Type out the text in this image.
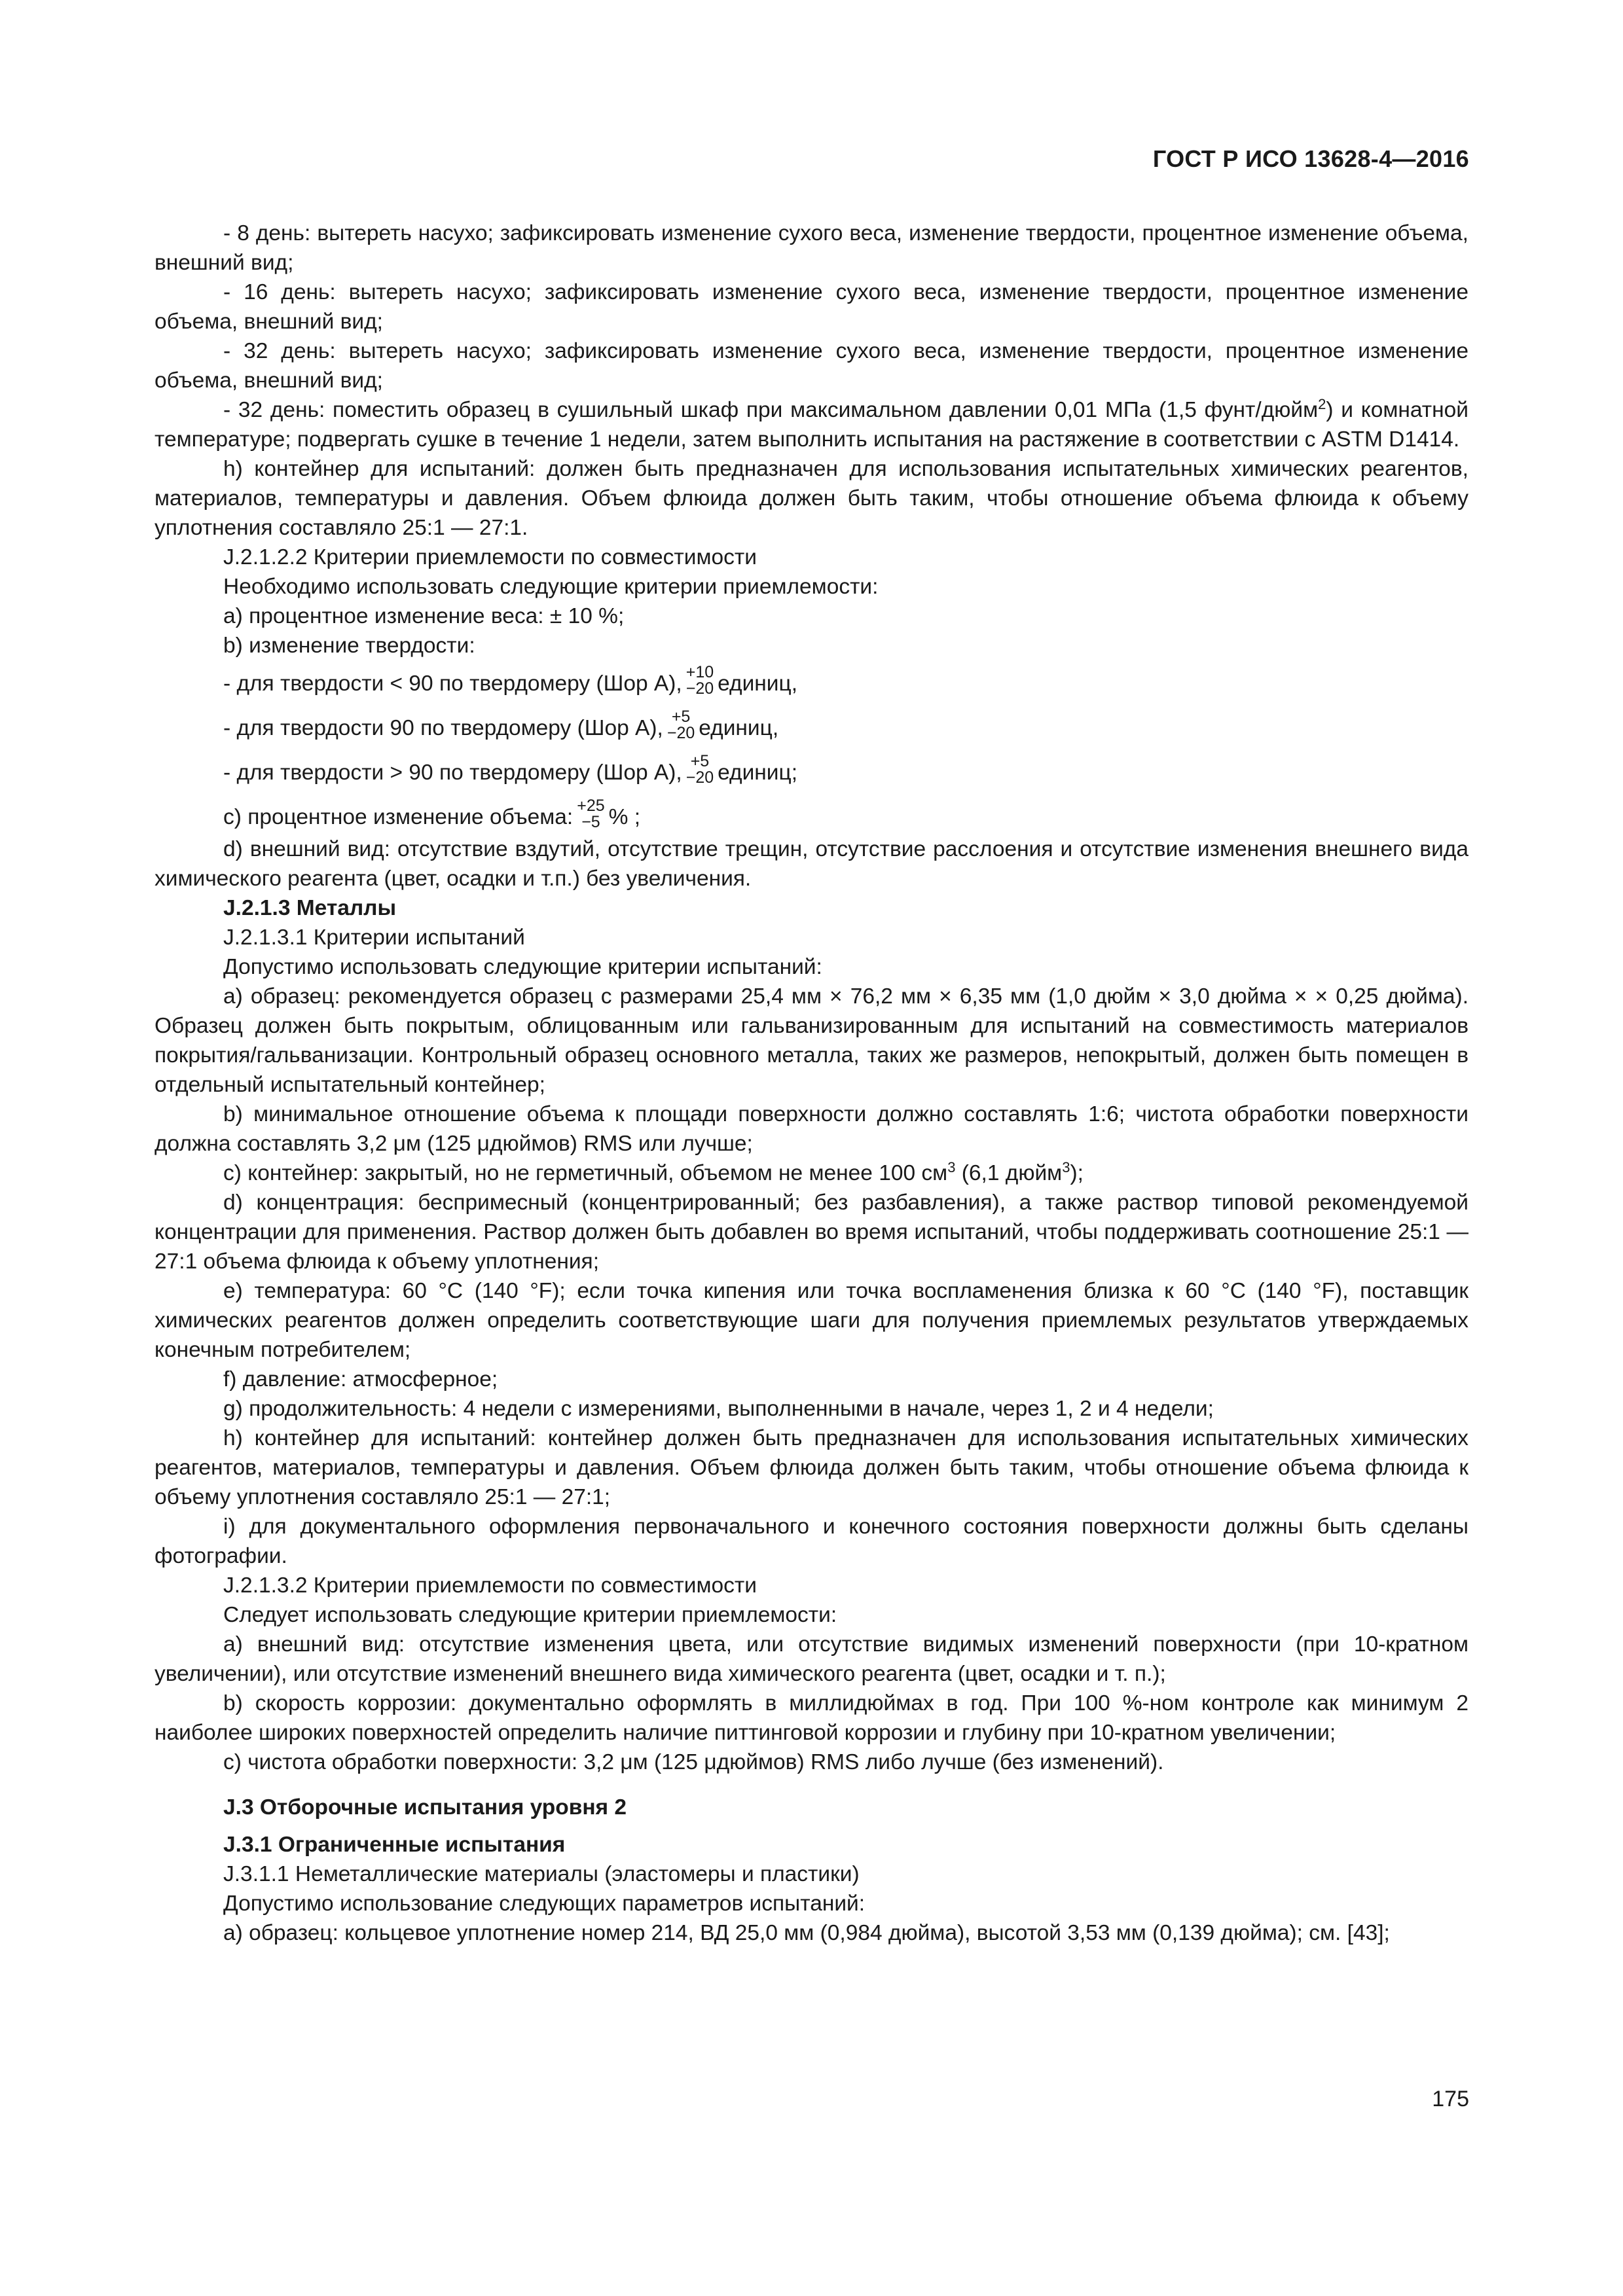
ГОСТ Р ИСО 13628-4—2016

- 8 день: вытереть насухо; зафиксировать изменение сухого веса, изменение твердости, процентное изменение объема, внешний вид;

- 16 день: вытереть насухо; зафиксировать изменение сухого веса, изменение твердости, процентное изменение объема, внешний вид;

- 32 день: вытереть насухо; зафиксировать изменение сухого веса, изменение твердости, процентное изменение объема, внешний вид;

- 32 день: поместить образец в сушильный шкаф при максимальном давлении 0,01 МПа (1,5 фунт/дюйм$^2$) и комнатной температуре; подвергать сушке в течение 1 недели, затем выполнить испытания на растяжение в соответствии с ASTM D1414.

h) контейнер для испытаний: должен быть предназначен для использования испытательных химических реагентов, материалов, температуры и давления. Объем флюида должен быть таким, чтобы отношение объема флюида к объему уплотнения составляло 25:1 — 27:1.

J.2.1.2.2 Критерии приемлемости по совместимости

Необходимо использовать следующие критерии приемлемости:

а) процентное изменение веса: ± 10 %;

b) изменение твердости:

- для твердости < 90 по твердомеру (Шор А), +10
−20 единиц,

- для твердости 90 по твердомеру (Шор А), +5
−20 единиц,

- для твердости > 90 по твердомеру (Шор А), +5
−20 единиц;

с) процентное изменение объема: +25
−5 % ;

d) внешний вид: отсутствие вздутий, отсутствие трещин, отсутствие расслоения и отсутствие изменения внешнего вида химического реагента (цвет, осадки и т.п.) без увеличения.

J.2.1.3 Металлы

J.2.1.3.1 Критерии испытаний

Допустимо использовать следующие критерии испытаний:

а) образец: рекомендуется образец с размерами 25,4 мм × 76,2 мм × 6,35 мм (1,0 дюйм × 3,0 дюйма × × 0,25 дюйма). Образец должен быть покрытым, облицованным или гальванизированным для испытаний на совместимость материалов покрытия/гальванизации. Контрольный образец основного металла, таких же размеров, непокрытый, должен быть помещен в отдельный испытательный контейнер;

b) минимальное отношение объема к площади поверхности должно составлять 1:6; чистота обработки поверхности должна составлять 3,2 μм (125 μдюймов) RMS или лучше;

с) контейнер: закрытый, но не герметичный, объемом не менее 100 $см^3$ (6,1 дюйм$^3$);

d) концентрация: беспримесный (концентрированный; без разбавления), а также раствор типовой рекомендуемой концентрации для применения. Раствор должен быть добавлен во время испытаний, чтобы поддерживать соотношение 25:1 — 27:1 объема флюида к объему уплотнения;

е) температура: 60 °С (140 °F); если точка кипения или точка воспламенения близка к 60 °С (140 °F), поставщик химических реагентов должен определить соответствующие шаги для получения приемлемых результатов утверждаемых конечным потребителем;

f) давление: атмосферное;

g) продолжительность: 4 недели с измерениями, выполненными в начале, через 1, 2 и 4 недели;

h) контейнер для испытаний: контейнер должен быть предназначен для использования испытательных химических реагентов, материалов, температуры и давления. Объем флюида должен быть таким, чтобы отношение объема флюида к объему уплотнения составляло 25:1 — 27:1;

i) для документального оформления первоначального и конечного состояния поверхности должны быть сделаны фотографии.

J.2.1.3.2 Критерии приемлемости по совместимости

Следует использовать следующие критерии приемлемости:

а) внешний вид: отсутствие изменения цвета, или отсутствие видимых изменений поверхности (при 10-кратном увеличении), или отсутствие изменений внешнего вида химического реагента (цвет, осадки и т. п.);

b) скорость коррозии: документально оформлять в миллидюймах в год. При 100 %-ном контроле как минимум 2 наиболее широких поверхностей определить наличие питтинговой коррозии и глубину при 10-кратном увеличении;

с) чистота обработки поверхности: 3,2 μм (125 μдюймов) RMS либо лучше (без изменений).

J.3 Отборочные испытания уровня 2

J.3.1 Ограниченные испытания

J.3.1.1 Неметаллические материалы (эластомеры и пластики)

Допустимо использование следующих параметров испытаний:

а) образец: кольцевое уплотнение номер 214, ВД 25,0 мм (0,984 дюйма), высотой 3,53 мм (0,139 дюйма); см. [43];

175
